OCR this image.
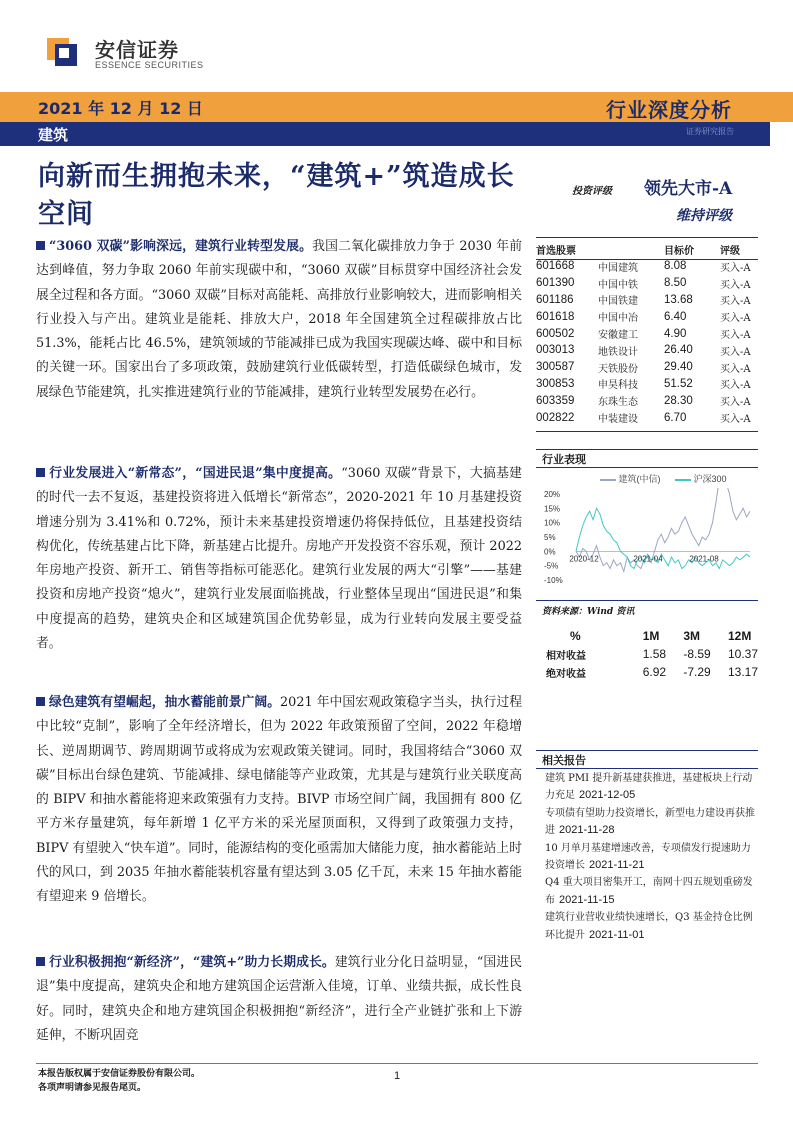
安信证券
ESSENCE SECURITIES
2021 年 12 月 12 日	行业深度分析
建筑	证券研究报告
向新而生拥抱未来，“建筑+”筑造成长空间
“3060 双碳”影响深远，建筑行业转型发展。我国二氧化碳排放力争于 2030 年前达到峰值，努力争取 2060 年前实现碳中和，“3060 双碳”目标贯穿中国经济社会发展全过程和各方面。“3060 双碳”目标对高能耗、高排放行业影响较大，进而影响相关行业投入与产出。建筑业是能耗、排放大户，2018 年全国建筑全过程碳排放占比 51.3%，能耗占比 46.5%，建筑领域的节能减排已成为我国实现碳达峰、碳中和目标的关键一环。国家出台了多项政策，鼓励建筑行业低碳转型，打造低碳绿色城市，发展绿色节能建筑，扎实推进建筑行业的节能减排，建筑行业转型发展势在必行。
行业发展进入“新常态”，“国进民退”集中度提高。“3060 双碳”背景下，大搞基建的时代一去不复返，基建投资将进入低增长“新常态”，2020-2021 年 10 月基建投资增速分别为 3.41%和 0.72%，预计未来基建投资增速仍将保持低位，且基建投资结构优化，传统基建占比下降，新基建占比提升。房地产开发投资不容乐观，预计 2022 年房地产投资、新开工、销售等指标可能恶化。建筑行业发展的两大“引擎”——基建投资和房地产投资“熄火”，建筑行业发展面临挑战，行业整体呈现出“国进民退”和集中度提高的趋势，建筑央企和区域建筑国企优势彰显，成为行业转向发展主要受益者。
绿色建筑有望崛起，抽水蓄能前景广阔。2021 年中国宏观政策稳字当头，执行过程中比较“克制”，影响了全年经济增长，但为 2022 年政策预留了空间，2022 年稳增长、逆周期调节、跨周期调节或将成为宏观政策关键词。同时，我国将结合“3060 双碳”目标出台绿色建筑、节能减排、绿电储能等产业政策，尤其是与建筑行业关联度高的 BIPV 和抽水蓄能将迎来政策强有力支持。BIVP 市场空间广阔，我国拥有 800 亿平方米存量建筑，每年新增 1 亿平方米的采光屋顶面积，又得到了政策强力支持，BIPV 有望驶入“快车道”。同时，能源结构的变化亟需加大储能力度，抽水蓄能站上时代的风口，到 2035 年抽水蓄能装机容量有望达到 3.05 亿千瓦，未来 15 年抽水蓄能有望迎来 9 倍增长。
行业积极拥抱“新经济”，“建筑+”助力长期成长。建筑行业分化日益明显，“国进民退”集中度提高，建筑央企和地方建筑国企运营渐入佳境，订单、业绩共振，成长性良好。同时，建筑央企和地方建筑国企积极拥抱“新经济”，进行全产业链扩张和上下游延伸，不断巩固竞
投资评级 领先大市-A
维持评级
首选股票		目标价	评级
601668	中国建筑	8.08	买入-A
601390	中国中铁	8.50	买入-A
601186	中国铁建	13.68	买入-A
601618	中国中冶	6.40	买入-A
600502	安徽建工	4.90	买入-A
003013	地铁设计	26.40	买入-A
300587	天铁股份	29.40	买入-A
300853	申昊科技	51.52	买入-A
603359	东珠生态	28.30	买入-A
002822	中装建设	6.70	买入-A
行业表现
建筑(中信)	沪深300
20%
15%
10%
5%
0%
-5%
-10%
2020-12	2021-04	2021-08
资料来源：Wind 资讯
%	1M	3M	12M
相对收益	1.58	-8.59	10.37
绝对收益	6.92	-7.29	13.17
相关报告
建筑 PMI 提升新基建获推进，基建板块上行动力充足 2021-12-05
专项债有望助力投资增长，新型电力建设再获推进 2021-11-28
10 月单月基建增速改善，专项债发行提速助力投资增长 2021-11-21
Q4 重大项目密集开工，南网十四五规划重磅发布 2021-11-15
建筑行业营收业绩快速增长，Q3 基金持仓比例环比提升 2021-11-01
本报告版权属于安信证券股份有限公司。
各项声明请参见报告尾页。
1
